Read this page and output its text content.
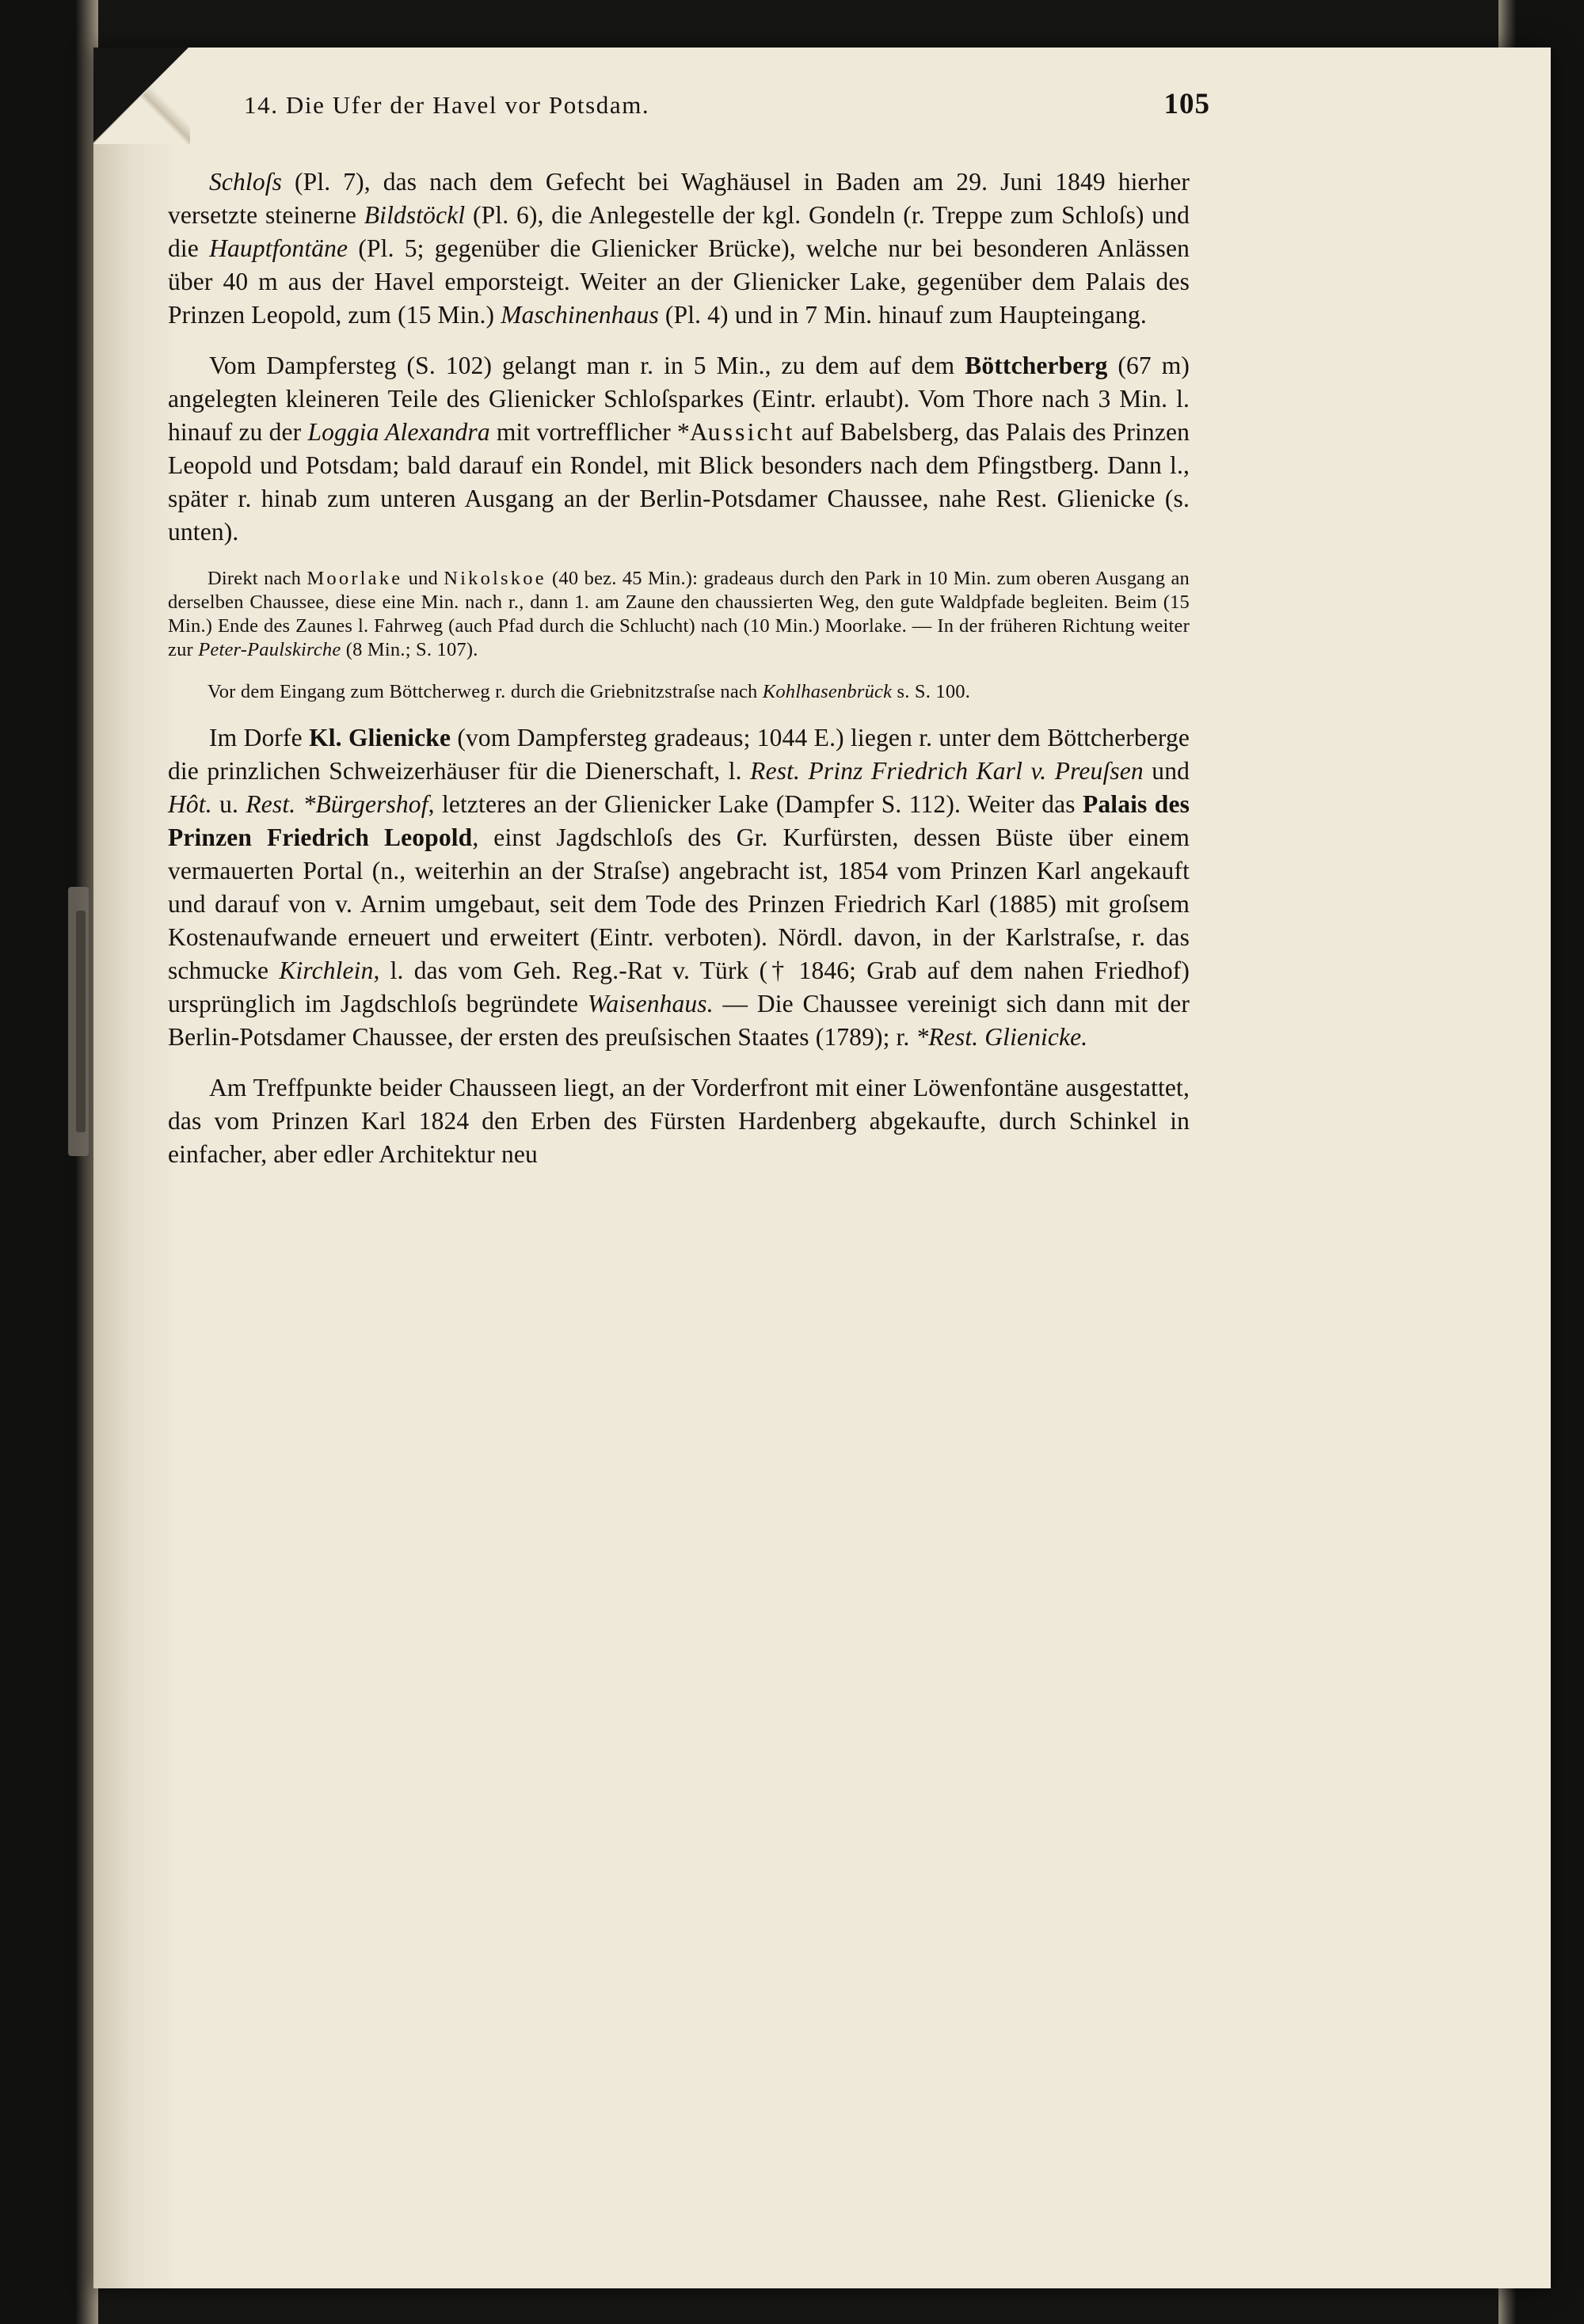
14. Die Ufer der Havel vor Potsdam.	105

Schloſs (Pl. 7), das nach dem Gefecht bei Waghäusel in Baden am 29. Juni 1849 hierher versetzte steinerne Bildstöckl (Pl. 6), die Anlegestelle der kgl. Gondeln (r. Treppe zum Schloſs) und die Hauptfontäne (Pl. 5; gegenüber die Glienicker Brücke), welche nur bei besonderen Anlässen über 40 m aus der Havel emporsteigt. Weiter an der Glienicker Lake, gegenüber dem Palais des Prinzen Leopold, zum (15 Min.) Maschinenhaus (Pl. 4) und in 7 Min. hinauf zum Haupteingang.

Vom Dampfersteg (S. 102) gelangt man r. in 5 Min., zu dem auf dem Böttcherberg (67 m) angelegten kleineren Teile des Glienicker Schloſsparkes (Eintr. erlaubt). Vom Thore nach 3 Min. l. hinauf zu der Loggia Alexandra mit vortrefflicher *Aussicht auf Babelsberg, das Palais des Prinzen Leopold und Potsdam; bald darauf ein Rondel, mit Blick besonders nach dem Pfingstberg. Dann l., später r. hinab zum unteren Ausgang an der Berlin-Potsdamer Chaussee, nahe Rest. Glienicke (s. unten).

Direkt nach Moorlake und Nikolskoe (40 bez. 45 Min.): gradeaus durch den Park in 10 Min. zum oberen Ausgang an derselben Chaussee, diese eine Min. nach r., dann 1. am Zaune den chaussierten Weg, den gute Waldpfade begleiten. Beim (15 Min.) Ende des Zaunes l. Fahrweg (auch Pfad durch die Schlucht) nach (10 Min.) Moorlake. — In der früheren Richtung weiter zur Peter-Paulskirche (8 Min.; S. 107).

Vor dem Eingang zum Böttcherweg r. durch die Griebnitzstraſse nach Kohlhasenbrück s. S. 100.

Im Dorfe Kl. Glienicke (vom Dampfersteg gradeaus; 1044 E.) liegen r. unter dem Böttcherberge die prinzlichen Schweizerhäuser für die Dienerschaft, l. Rest. Prinz Friedrich Karl v. Preuſsen und Hôt. u. Rest. *Bürgershof, letzteres an der Glienicker Lake (Dampfer S. 112). Weiter das Palais des Prinzen Friedrich Leopold, einst Jagdschloſs des Gr. Kurfürsten, dessen Büste über einem vermauerten Portal (n., weiterhin an der Straſse) angebracht ist, 1854 vom Prinzen Karl angekauft und darauf von v. Arnim umgebaut, seit dem Tode des Prinzen Friedrich Karl (1885) mit groſsem Kostenaufwande erneuert und erweitert (Eintr. verboten). Nördl. davon, in der Karlstraſse, r. das schmucke Kirchlein, l. das vom Geh. Reg.-Rat v. Türk († 1846; Grab auf dem nahen Friedhof) ursprünglich im Jagdschloſs begründete Waisenhaus. — Die Chaussee vereinigt sich dann mit der Berlin-Potsdamer Chaussee, der ersten des preuſsischen Staates (1789); r. *Rest. Glienicke.

Am Treffpunkte beider Chausseen liegt, an der Vorderfront mit einer Löwenfontäne ausgestattet, das vom Prinzen Karl 1824 den Erben des Fürsten Hardenberg abgekaufte, durch Schinkel in einfacher, aber edler Architektur neu
